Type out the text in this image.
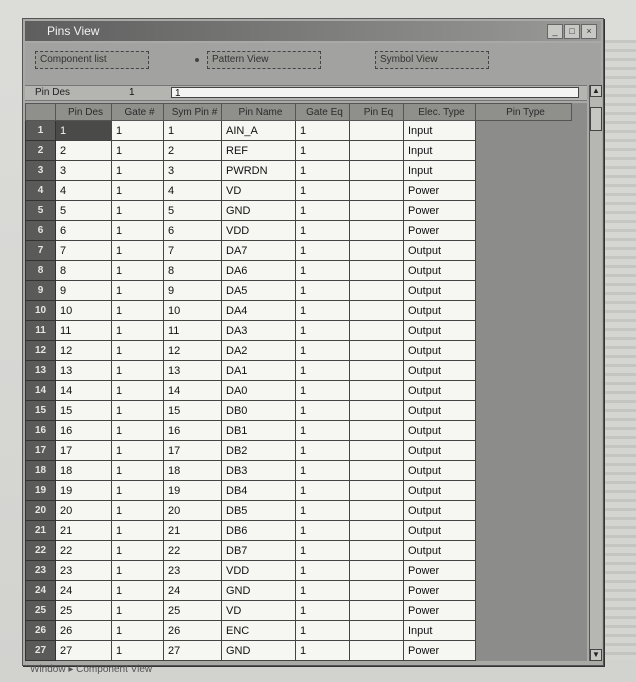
Pins View	_	□	×
Component list	Pattern View	Symbol View
Pin Des	1	1
	Pin Des	Gate #	Sym Pin #	Pin Name	Gate Eq	Pin Eq	Elec. Type	Pin Type
1	1	1	1	AIN_A	1		Input	
2	2	1	2	REF	1		Input	
3	3	1	3	PWRDN	1		Input	
4	4	1	4	VD	1		Power	
5	5	1	5	GND	1		Power	
6	6	1	6	VDD	1		Power	
7	7	1	7	DA7	1		Output	
8	8	1	8	DA6	1		Output	
9	9	1	9	DA5	1		Output	
10	10	1	10	DA4	1		Output	
11	11	1	11	DA3	1		Output	
12	12	1	12	DA2	1		Output	
13	13	1	13	DA1	1		Output	
14	14	1	14	DA0	1		Output	
15	15	1	15	DB0	1		Output	
16	16	1	16	DB1	1		Output	
17	17	1	17	DB2	1		Output	
18	18	1	18	DB3	1		Output	
19	19	1	19	DB4	1		Output	
20	20	1	20	DB5	1		Output	
21	21	1	21	DB6	1		Output	
22	22	1	22	DB7	1		Output	
23	23	1	23	VDD	1		Power	
24	24	1	24	GND	1		Power	
25	25	1	25	VD	1		Power	
26	26	1	26	ENC	1		Input	
27	27	1	27	GND	1		Power	
▲
▼
Window ▸ Component View
